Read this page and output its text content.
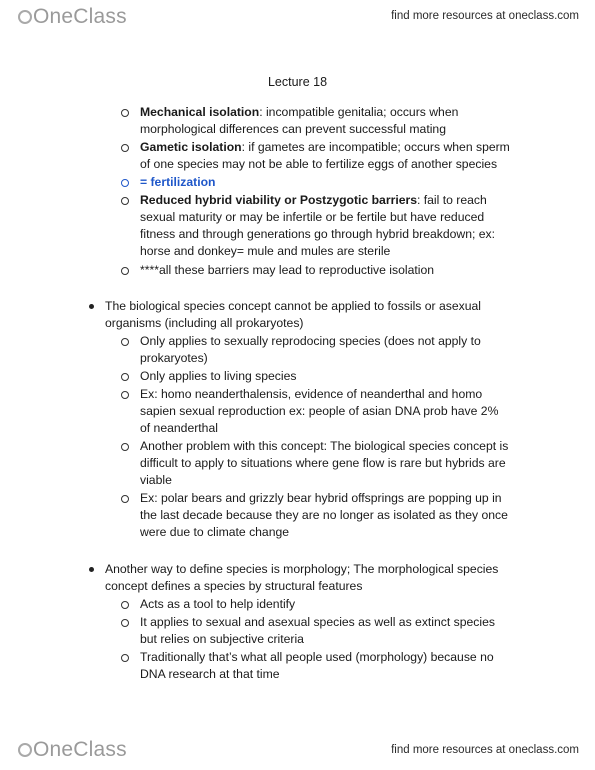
OneClass	find more resources at oneclass.com
Lecture 18
Mechanical isolation: incompatible genitalia; occurs when
morphological differences can prevent successful mating
Gametic isolation: if gametes are incompatible; occurs when sperm
of one species may not be able to fertilize eggs of another species
= fertilization
Reduced hybrid viability or Postzygotic barriers: fail to reach
sexual maturity or may be infertile or be fertile but have reduced
fitness and through generations go through hybrid breakdown; ex:
horse and donkey= mule and mules are sterile
****all these barriers may lead to reproductive isolation
The biological species concept cannot be applied to fossils or asexual
organisms (including all prokaryotes)
Only applies to sexually reprodocing species (does not apply to
prokaryotes)
Only applies to living species
Ex: homo neanderthalensis, evidence of neanderthal and homo
sapien sexual reproduction ex: people of asian DNA prob have 2%
of neanderthal
Another problem with this concept: The biological species concept is
difficult to apply to situations where gene flow is rare but hybrids are
viable
Ex: polar bears and grizzly bear hybrid offsprings are popping up in
the last decade because they are no longer as isolated as they once
were due to climate change
Another way to define species is morphology; The morphological species
concept defines a species by structural features
Acts as a tool to help identify
It applies to sexual and asexual species as well as extinct species
but relies on subjective criteria
Traditionally that’s what all people used (morphology) because no
DNA research at that time
OneClass	find more resources at oneclass.com
